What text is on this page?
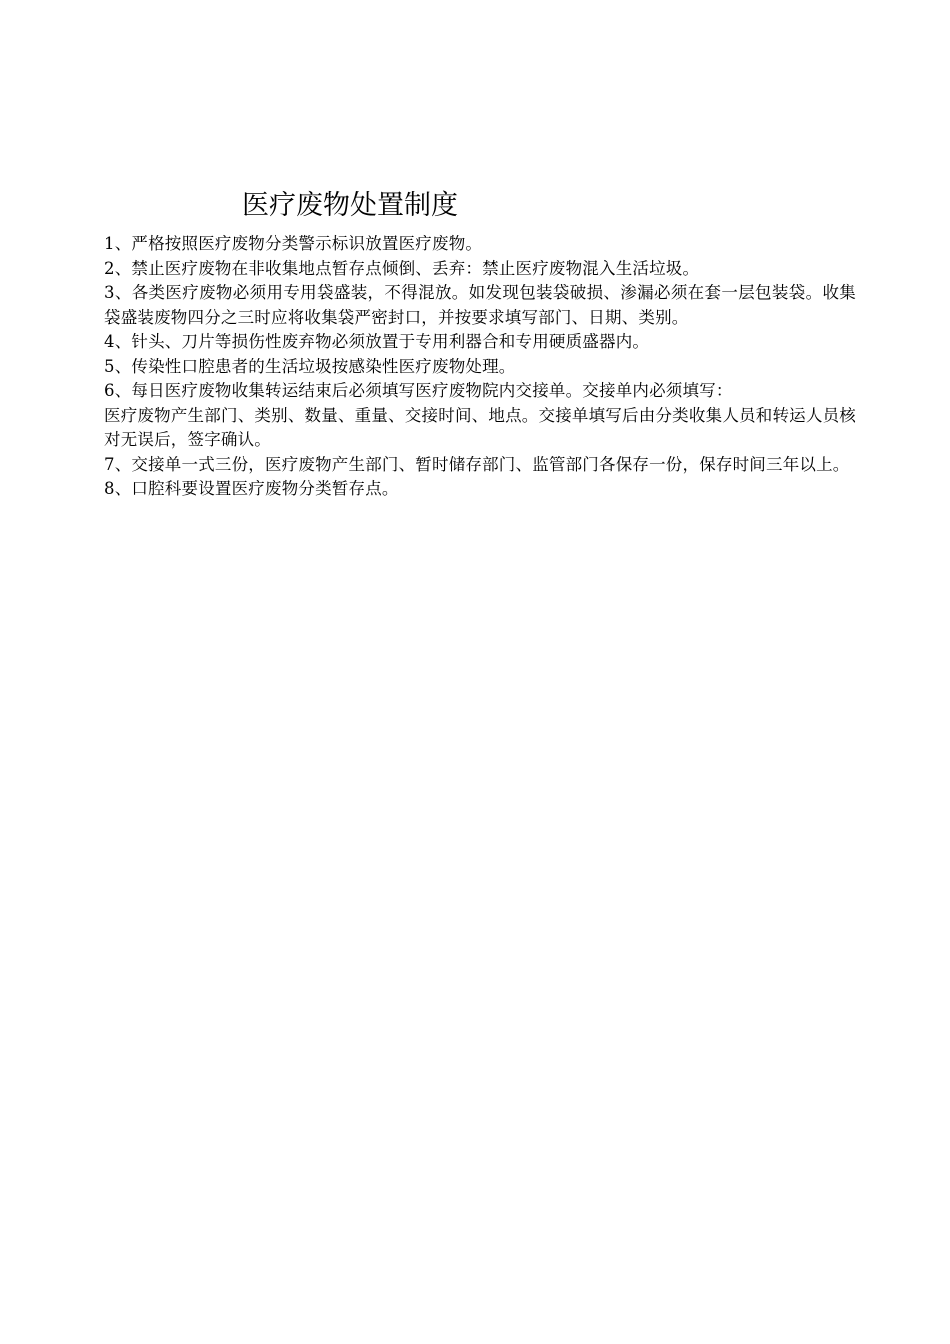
医疗废物处置制度

1、严格按照医疗废物分类警示标识放置医疗废物。

2、禁止医疗废物在非收集地点暂存点倾倒、丢弃：禁止医疗废物混入生活垃圾。

3、各类医疗废物必须用专用袋盛装，不得混放。如发现包装袋破损、渗漏必须在套一层包装袋。收集袋盛装废物四分之三时应将收集袋严密封口，并按要求填写部门、日期、类别。

4、针头、刀片等损伤性废弃物必须放置于专用利器合和专用硬质盛器内。

5、传染性口腔患者的生活垃圾按感染性医疗废物处理。

6、每日医疗废物收集转运结束后必须填写医疗废物院内交接单。交接单内必须填写：

医疗废物产生部门、类别、数量、重量、交接时间、地点。交接单填写后由分类收集人员和转运人员核对无误后，签字确认。

7、交接单一式三份，医疗废物产生部门、暂时储存部门、监管部门各保存一份，保存时间三年以上。

8、口腔科要设置医疗废物分类暂存点。
